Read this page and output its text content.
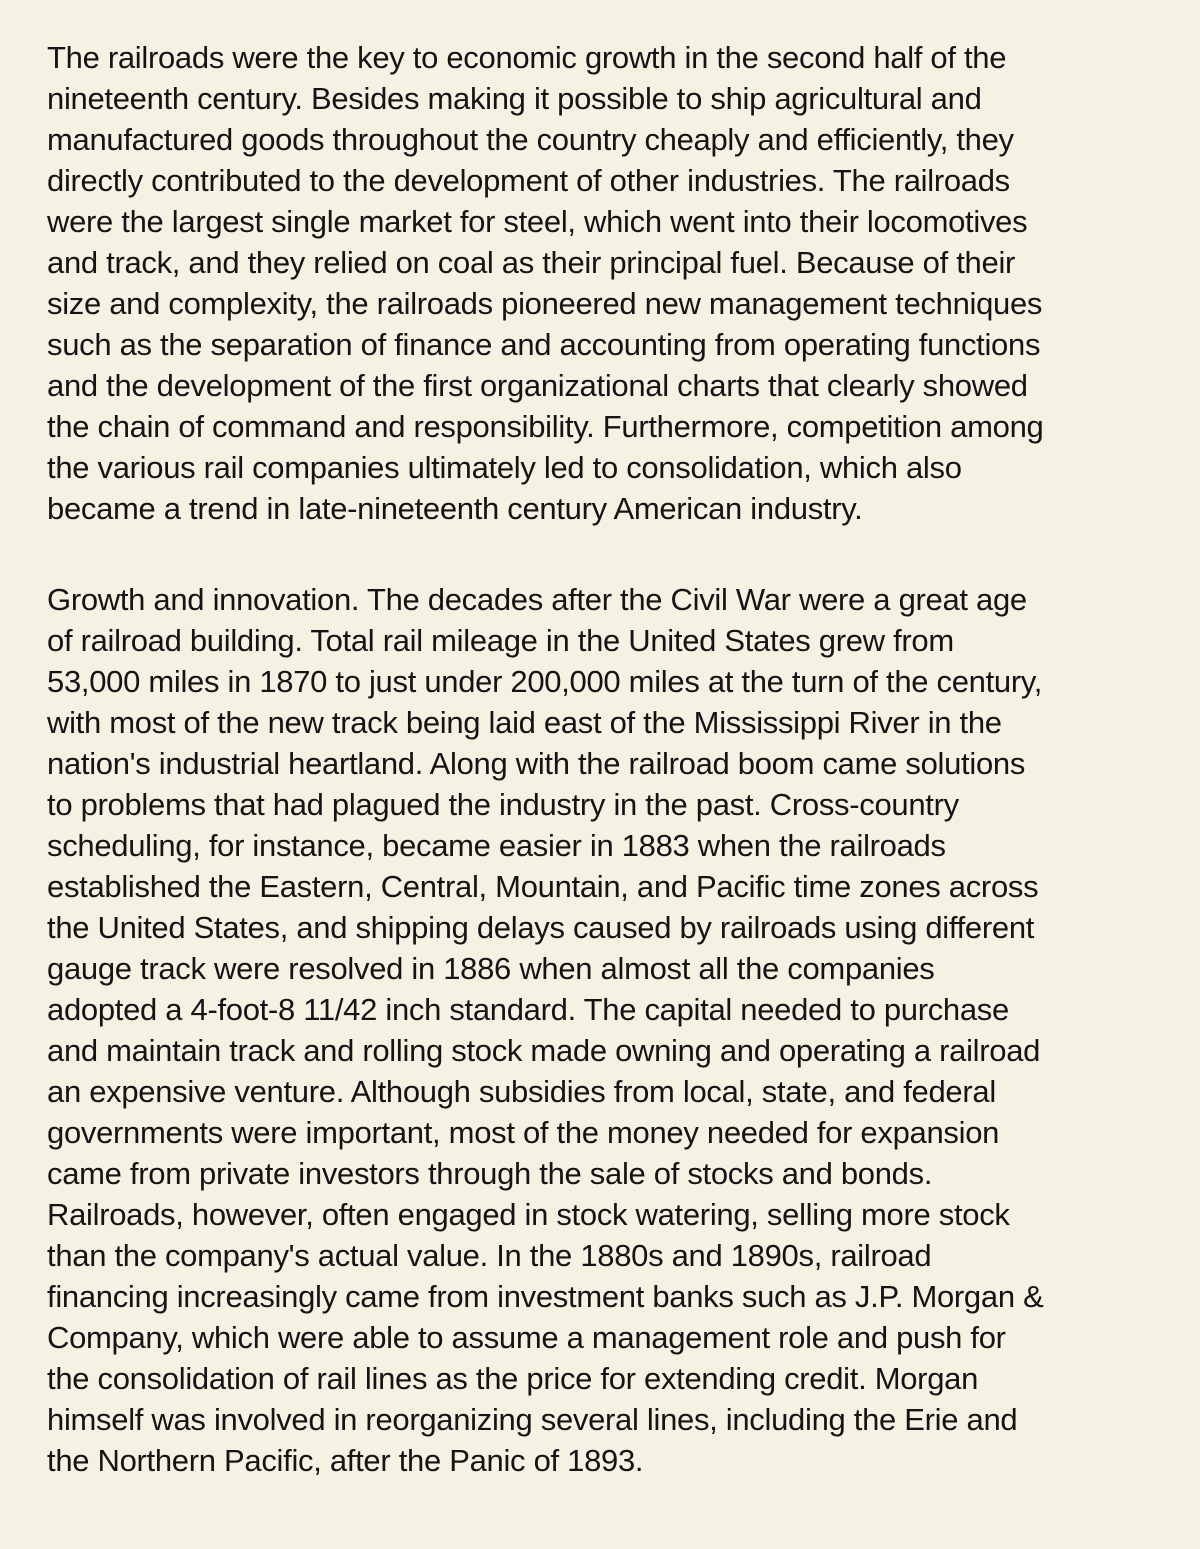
The railroads were the key to economic growth in the second half of the
nineteenth century. Besides making it possible to ship agricultural and
manufactured goods throughout the country cheaply and efficiently, they
directly contributed to the development of other industries. The railroads
were the largest single market for steel, which went into their locomotives
and track, and they relied on coal as their principal fuel. Because of their
size and complexity, the railroads pioneered new management techniques
such as the separation of finance and accounting from operating functions
and the development of the first organizational charts that clearly showed
the chain of command and responsibility. Furthermore, competition among
the various rail companies ultimately led to consolidation, which also
became a trend in late-nineteenth century American industry.
Growth and innovation. The decades after the Civil War were a great age
of railroad building. Total rail mileage in the United States grew from
53,000 miles in 1870 to just under 200,000 miles at the turn of the century,
with most of the new track being laid east of the Mississippi River in the
nation's industrial heartland. Along with the railroad boom came solutions
to problems that had plagued the industry in the past. Cross-country
scheduling, for instance, became easier in 1883 when the railroads
established the Eastern, Central, Mountain, and Pacific time zones across
the United States, and shipping delays caused by railroads using different
gauge track were resolved in 1886 when almost all the companies
adopted a 4-foot-8 11/42 inch standard. The capital needed to purchase
and maintain track and rolling stock made owning and operating a railroad
an expensive venture. Although subsidies from local, state, and federal
governments were important, most of the money needed for expansion
came from private investors through the sale of stocks and bonds.
Railroads, however, often engaged in stock watering, selling more stock
than the company's actual value. In the 1880s and 1890s, railroad
financing increasingly came from investment banks such as J.P. Morgan &
Company, which were able to assume a management role and push for
the consolidation of rail lines as the price for extending credit. Morgan
himself was involved in reorganizing several lines, including the Erie and
the Northern Pacific, after the Panic of 1893.
